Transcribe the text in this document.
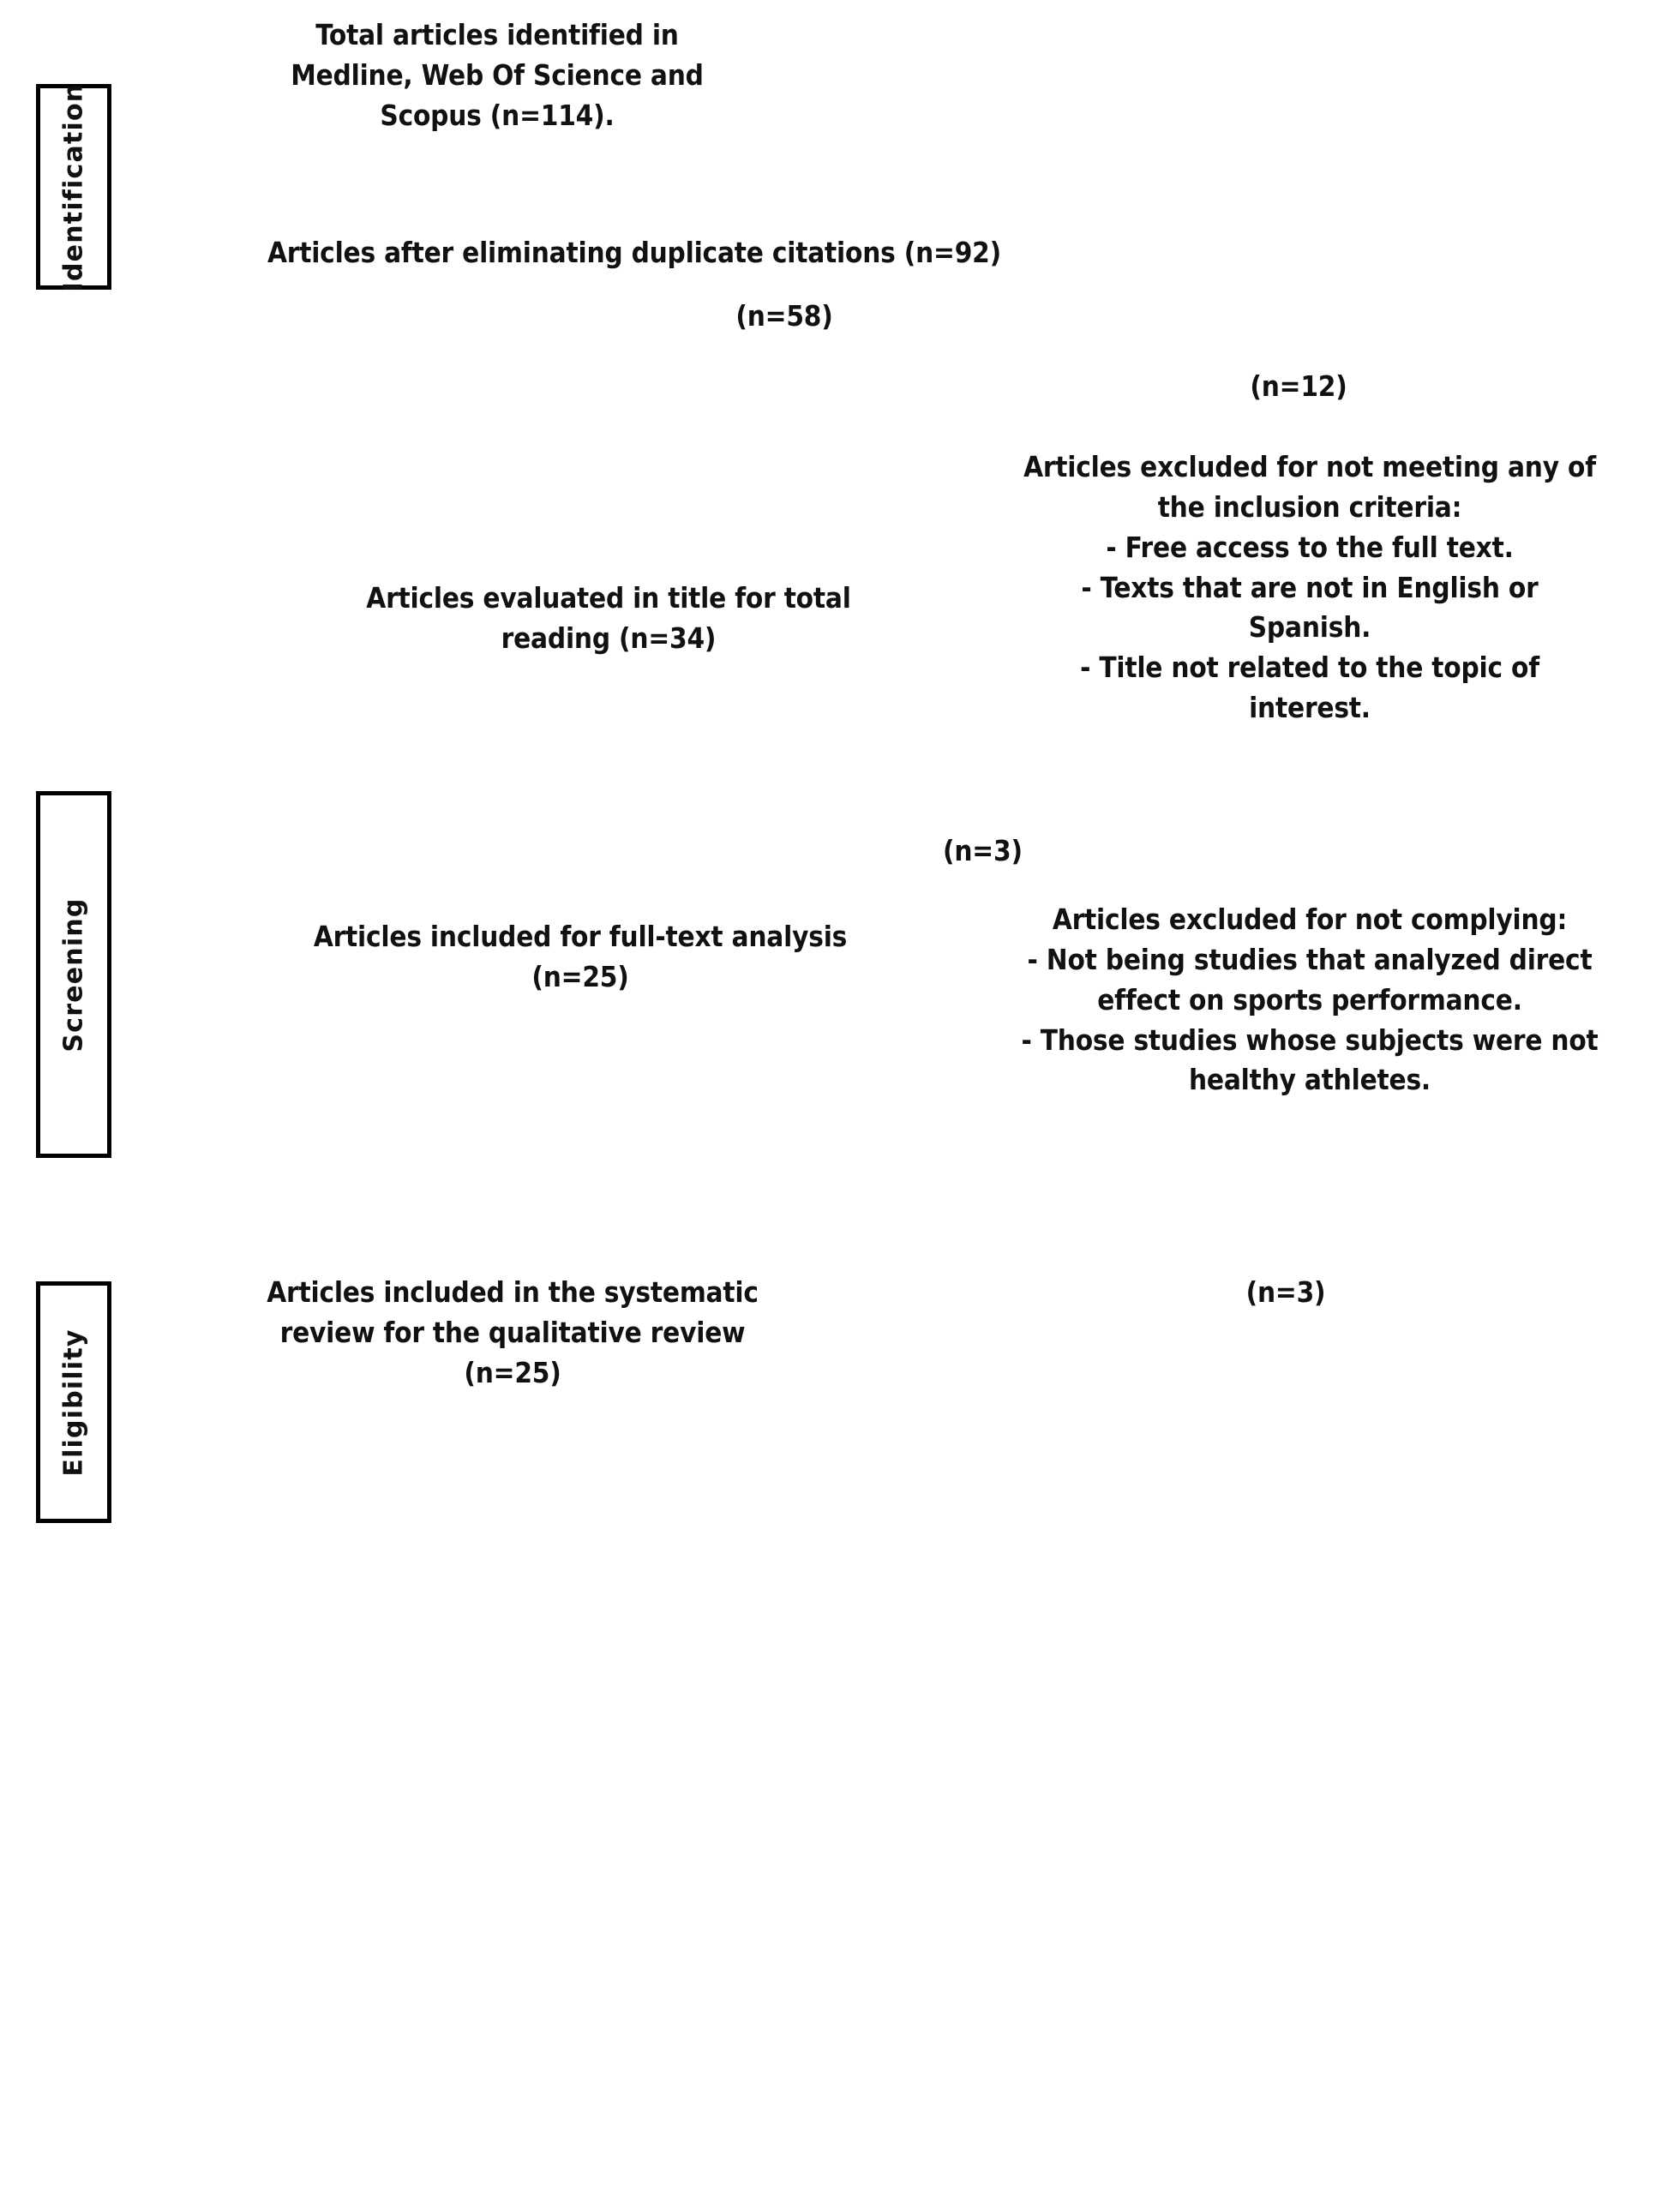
Identification
Screening
Eligibility
Total articles identified in
Medline, Web Of Science and
Scopus (n=114).
Articles after eliminating duplicate citations (n=92)
(n=58)
(n=12)
Articles excluded for not meeting any of
the inclusion criteria:
- Free access to the full text.
- Texts that are not in English or
Spanish.
- Title not related to the topic of
interest.
Articles evaluated in title for total
reading (n=34)
(n=3)
Articles excluded for not complying:
- Not being studies that analyzed direct
effect on sports performance.
- Those studies whose subjects were not
healthy athletes.
Articles included for full-text analysis
(n=25)
Articles included in the systematic
review for the qualitative review
(n=25)
(n=3)
